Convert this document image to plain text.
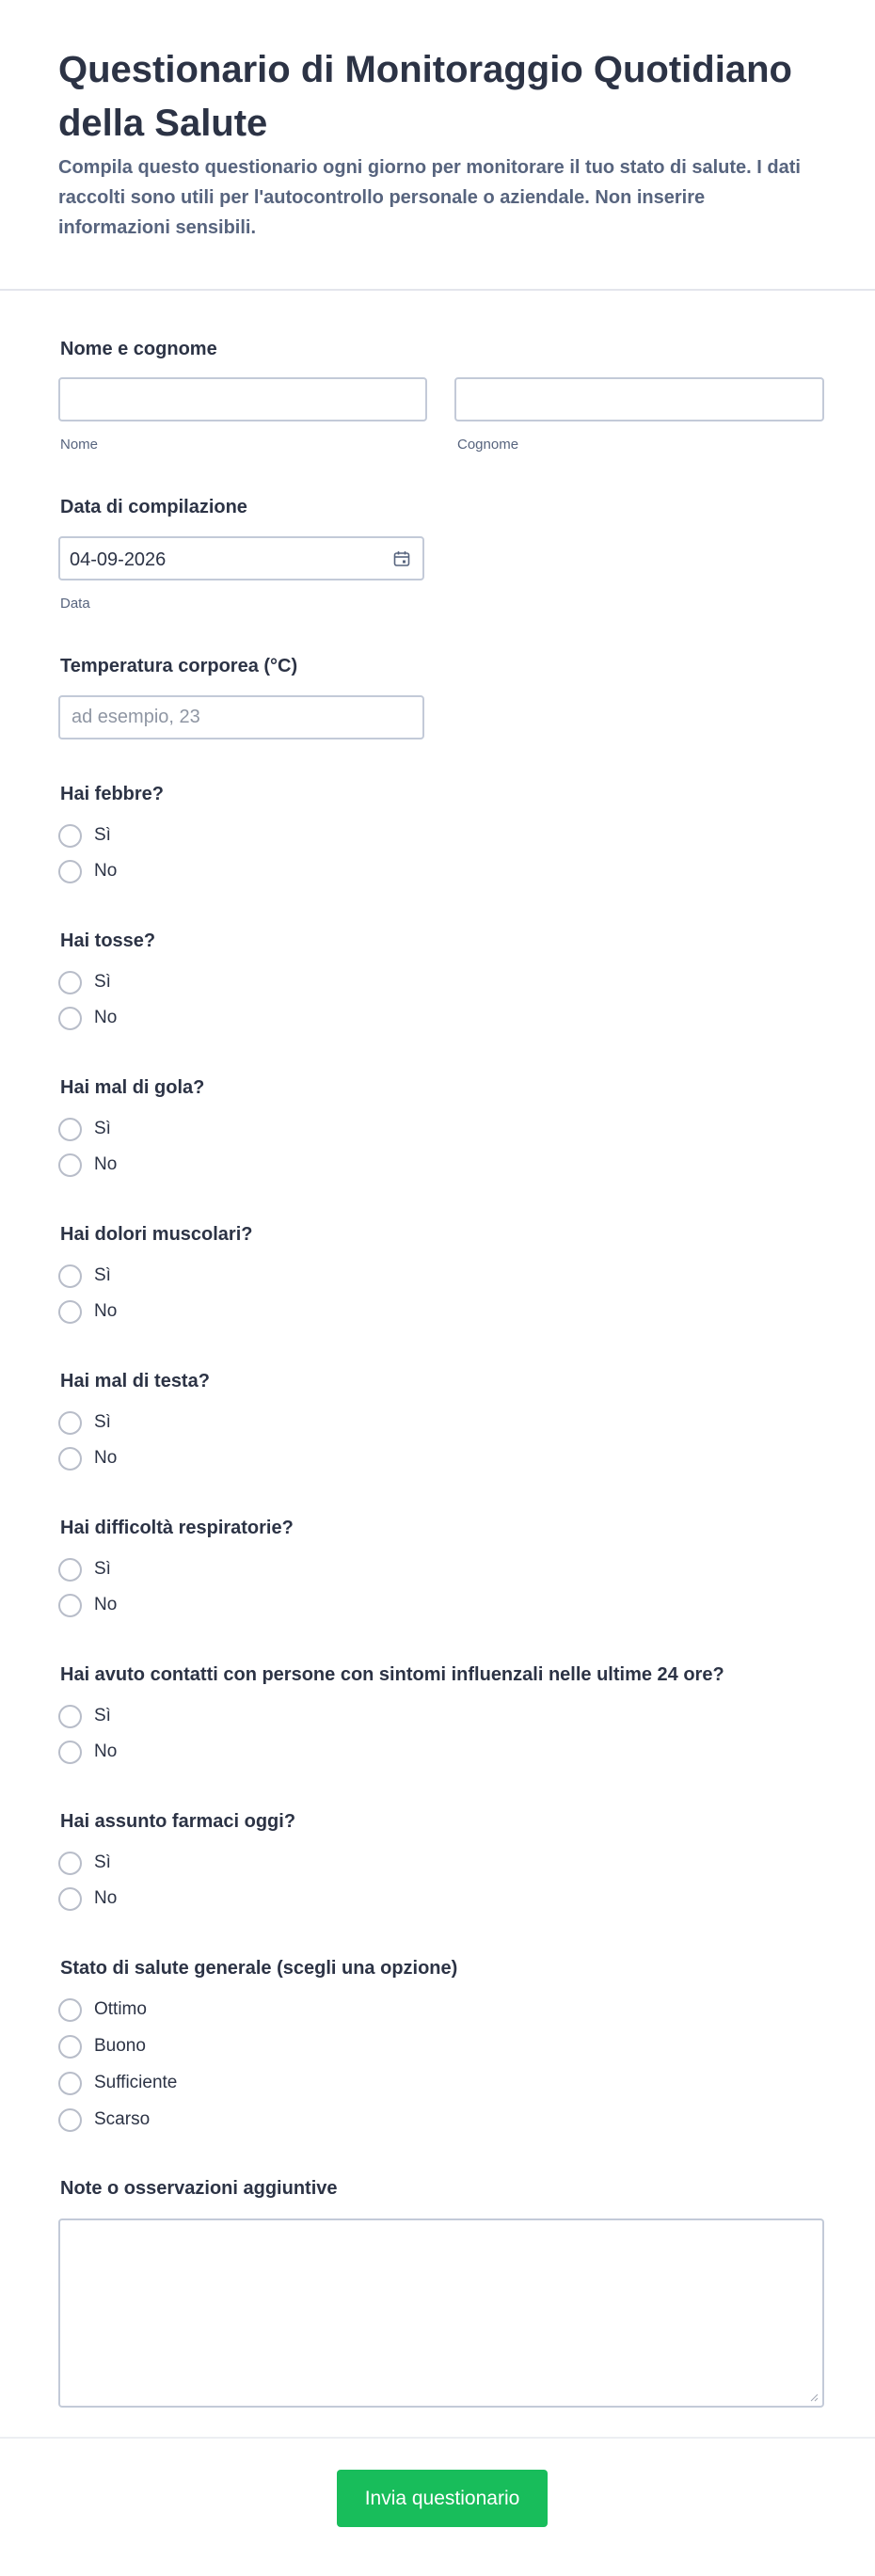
Questionario di Monitoraggio Quotidiano della Salute

Compila questo questionario ogni giorno per monitorare il tuo stato di salute. I dati raccolti sono utili per l'autocontrollo personale o aziendale. Non inserire informazioni sensibili.

Nome e cognome
Nome	Cognome
Data di compilazione
04-09-2026
Data
Temperatura corporea (°C)
ad esempio, 23
Hai febbre?
Sì
No
Hai tosse?
Sì
No
Hai mal di gola?
Sì
No
Hai dolori muscolari?
Sì
No
Hai mal di testa?
Sì
No
Hai difficoltà respiratorie?
Sì
No
Hai avuto contatti con persone con sintomi influenzali nelle ultime 24 ore?
Sì
No
Hai assunto farmaci oggi?
Sì
No
Stato di salute generale (scegli una opzione)
Ottimo
Buono
Sufficiente
Scarso
Note o osservazioni aggiuntive
Invia questionario
